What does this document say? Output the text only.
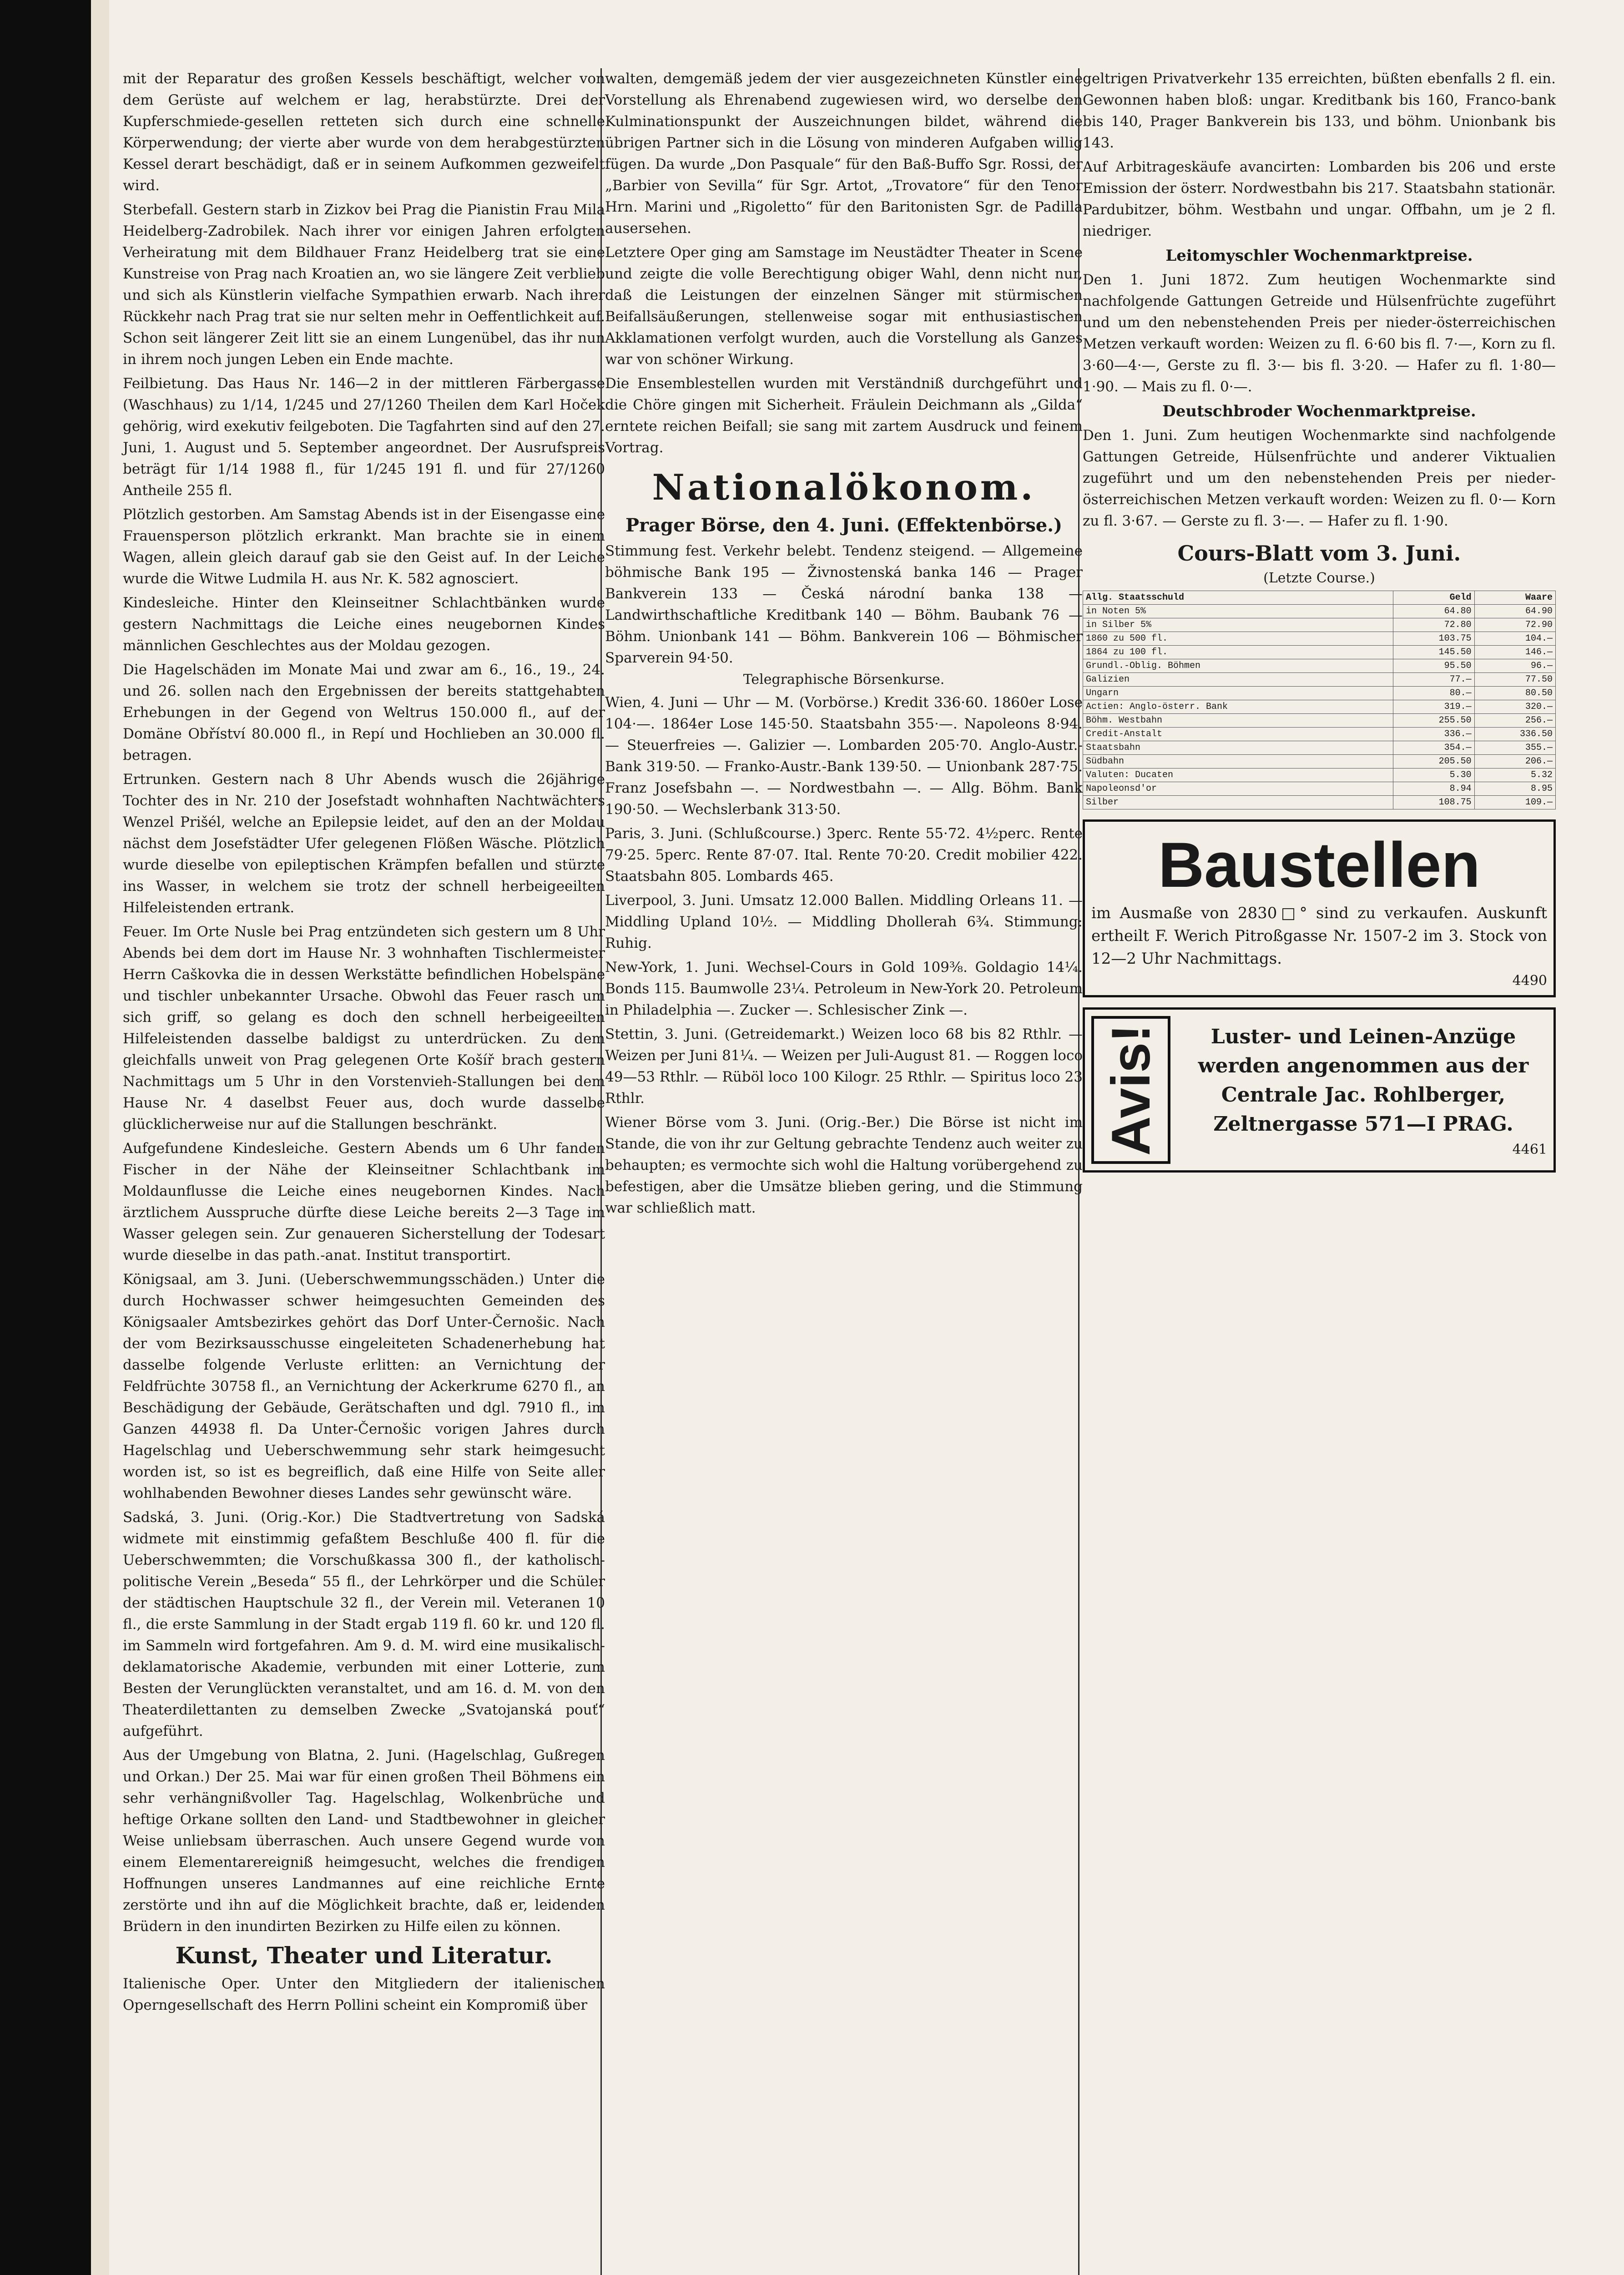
mit der Reparatur des großen Kessels beschäftigt, welcher von dem Gerüste auf welchem er lag, herabstürzte. Drei der Kupferschmiede-gesellen retteten sich durch eine schnelle Körperwendung; der vierte aber wurde von dem herabgestürzten Kessel derart beschädigt, daß er in seinem Aufkommen gezweifelt wird.

Sterbefall. Gestern starb in Zizkov bei Prag die Pianistin Frau Mila Heidelberg-Zadrobilek. Nach ihrer vor einigen Jahren erfolgten Verheiratung mit dem Bildhauer Franz Heidelberg trat sie eine Kunstreise von Prag nach Kroatien an, wo sie längere Zeit verblieb und sich als Künstlerin vielfache Sympathien erwarb. Nach ihrer Rückkehr nach Prag trat sie nur selten mehr in Oeffentlichkeit auf. Schon seit längerer Zeit litt sie an einem Lungenübel, das ihr nun in ihrem noch jungen Leben ein Ende machte.

Feilbietung. Das Haus Nr. 146—2 in der mittleren Färbergasse (Waschhaus) zu 1/14, 1/245 und 27/1260 Theilen dem Karl Hoček gehörig, wird exekutiv feilgeboten. Die Tagfahrten sind auf den 27. Juni, 1. August und 5. September angeordnet. Der Ausrufspreis beträgt für 1/14 1988 fl., für 1/245 191 fl. und für 27/1260 Antheile 255 fl.

Plötzlich gestorben. Am Samstag Abends ist in der Eisengasse eine Frauensperson plötzlich erkrankt. Man brachte sie in einem Wagen, allein gleich darauf gab sie den Geist auf. In der Leiche wurde die Witwe Ludmila H. aus Nr. K. 582 agnosciert.

Kindesleiche. Hinter den Kleinseitner Schlachtbänken wurde gestern Nachmittags die Leiche eines neugebornen Kindes männlichen Geschlechtes aus der Moldau gezogen.

Die Hagelschäden im Monate Mai und zwar am 6., 16., 19., 24. und 26. sollen nach den Ergebnissen der bereits stattgehabten Erhebungen in der Gegend von Weltrus 150.000 fl., auf der Domäne Obříství 80.000 fl., in Repí und Hochlieben an 30.000 fl. betragen.

Ertrunken. Gestern nach 8 Uhr Abends wusch die 26jährige Tochter des in Nr. 210 der Josefstadt wohnhaften Nachtwächters Wenzel Prišél, welche an Epilepsie leidet, auf den an der Moldau nächst dem Josefstädter Ufer gelegenen Flößen Wäsche. Plötzlich wurde dieselbe von epileptischen Krämpfen befallen und stürzte ins Wasser, in welchem sie trotz der schnell herbeigeeilten Hilfeleistenden ertrank.

Feuer. Im Orte Nusle bei Prag entzündeten sich gestern um 8 Uhr Abends bei dem dort im Hause Nr. 3 wohnhaften Tischlermeister Herrn Caškovka die in dessen Werkstätte befindlichen Hobelspäne und tischler unbekannter Ursache. Obwohl das Feuer rasch um sich griff, so gelang es doch den schnell herbeigeeilten Hilfeleistenden dasselbe baldigst zu unterdrücken. Zu dem gleichfalls unweit von Prag gelegenen Orte Košíř brach gestern Nachmittags um 5 Uhr in den Vorstenvieh-Stallungen bei dem Hause Nr. 4 daselbst Feuer aus, doch wurde dasselbe glücklicherweise nur auf die Stallungen beschränkt.

Aufgefundene Kindesleiche. Gestern Abends um 6 Uhr fanden Fischer in der Nähe der Kleinseitner Schlachtbank im Moldaunflusse die Leiche eines neugebornen Kindes. Nach ärztlichem Ausspruche dürfte diese Leiche bereits 2—3 Tage im Wasser gelegen sein. Zur genaueren Sicherstellung der Todesart wurde dieselbe in das path.-anat. Institut transportirt.

Königsaal, am 3. Juni. (Ueberschwemmungsschäden.) Unter die durch Hochwasser schwer heimgesuchten Gemeinden des Königsaaler Amtsbezirkes gehört das Dorf Unter-Černošic. Nach der vom Bezirksausschusse eingeleiteten Schadenerhebung hat dasselbe folgende Verluste erlitten: an Vernichtung der Feldfrüchte 30758 fl., an Vernichtung der Ackerkrume 6270 fl., an Beschädigung der Gebäude, Gerätschaften und dgl. 7910 fl., im Ganzen 44938 fl. Da Unter-Černošic vorigen Jahres durch Hagelschlag und Ueberschwemmung sehr stark heimgesucht worden ist, so ist es begreiflich, daß eine Hilfe von Seite aller wohlhabenden Bewohner dieses Landes sehr gewünscht wäre.

Sadská, 3. Juni. (Orig.-Kor.) Die Stadtvertretung von Sadská widmete mit einstimmig gefaßtem Beschluße 400 fl. für die Ueberschwemmten; die Vorschußkassa 300 fl., der katholisch-politische Verein „Beseda“ 55 fl., der Lehrkörper und die Schüler der städtischen Hauptschule 32 fl., der Verein mil. Veteranen 10 fl., die erste Sammlung in der Stadt ergab 119 fl. 60 kr. und 120 fl. im Sammeln wird fortgefahren. Am 9. d. M. wird eine musikalisch-deklamatorische Akademie, verbunden mit einer Lotterie, zum Besten der Verunglückten veranstaltet, und am 16. d. M. von den Theaterdilettanten zu demselben Zwecke „Svatojanská pouť“ aufgeführt.

Aus der Umgebung von Blatna, 2. Juni. (Hagelschlag, Gußregen und Orkan.) Der 25. Mai war für einen großen Theil Böhmens ein sehr verhängnißvoller Tag. Hagelschlag, Wolkenbrüche und heftige Orkane sollten den Land- und Stadtbewohner in gleicher Weise unliebsam überraschen. Auch unsere Gegend wurde von einem Elementarereigniß heimgesucht, welches die frendigen Hoffnungen unseres Landmannes auf eine reichliche Ernte zerstörte und ihn auf die Möglichkeit brachte, daß er, leidenden Brüdern in den inundirten Bezirken zu Hilfe eilen zu können.

Kunst, Theater und Literatur.

Italienische Oper. Unter den Mitgliedern der italienischen Operngesellschaft des Herrn Pollini scheint ein Kompromiß über

walten, demgemäß jedem der vier ausgezeichneten Künstler eine Vorstellung als Ehrenabend zugewiesen wird, wo derselbe den Kulminationspunkt der Auszeichnungen bildet, während die übrigen Partner sich in die Lösung von minderen Aufgaben willig fügen. Da wurde „Don Pasquale“ für den Baß-Buffo Sgr. Rossi, der „Barbier von Sevilla“ für Sgr. Artot, „Trovatore“ für den Tenor Hrn. Marini und „Rigoletto“ für den Baritonisten Sgr. de Padilla ausersehen.

Letztere Oper ging am Samstage im Neustädter Theater in Scene und zeigte die volle Berechtigung obiger Wahl, denn nicht nur, daß die Leistungen der einzelnen Sänger mit stürmischen Beifallsäußerungen, stellenweise sogar mit enthusiastischen Akklamationen verfolgt wurden, auch die Vorstellung als Ganzes war von schöner Wirkung.

Die Ensemblestellen wurden mit Verständniß durchgeführt und die Chöre gingen mit Sicherheit. Fräulein Deichmann als „Gilda“ erntete reichen Beifall; sie sang mit zartem Ausdruck und feinem Vortrag.

Nationalökonom.
Prager Börse, den 4. Juni. (Effektenbörse.)

Stimmung fest. Verkehr belebt. Tendenz steigend. — Allgemeine böhmische Bank 195 — Živnostenská banka 146 — Prager Bankverein 133 — Česká národní banka 138 — Landwirthschaftliche Kreditbank 140 — Böhm. Baubank 76 — Böhm. Unionbank 141 — Böhm. Bankverein 106 — Böhmischer Sparverein 94·50.

Telegraphische Börsenkurse.

Wien, 4. Juni — Uhr — M. (Vorbörse.) Kredit 336·60. 1860er Lose 104·—. 1864er Lose 145·50. Staatsbahn 355·—. Napoleons 8·94. — Steuerfreies —. Galizier —. Lombarden 205·70. Anglo-Austr.-Bank 319·50. — Franko-Austr.-Bank 139·50. — Unionbank 287·75. Franz Josefsbahn —. — Nordwestbahn —. — Allg. Böhm. Bank 190·50. — Wechslerbank 313·50.

Paris, 3. Juni. (Schlußcourse.) 3perc. Rente 55·72. 4½perc. Rente 79·25. 5perc. Rente 87·07. Ital. Rente 70·20. Credit mobilier 422. Staatsbahn 805. Lombards 465.

Liverpool, 3. Juni. Umsatz 12.000 Ballen. Middling Orleans 11. — Middling Upland 10½. — Middling Dhollerah 6¾. Stimmung: Ruhig.

New-York, 1. Juni. Wechsel-Cours in Gold 109⅜. Goldagio 14¼. Bonds 115. Baumwolle 23¼. Petroleum in New-York 20. Petroleum in Philadelphia —. Zucker —. Schlesischer Zink —.

Stettin, 3. Juni. (Getreidemarkt.) Weizen loco 68 bis 82 Rthlr. — Weizen per Juni 81¼. — Weizen per Juli-August 81. — Roggen loco 49—53 Rthlr. — Rüböl loco 100 Kilogr. 25 Rthlr. — Spiritus loco 23 Rthlr.

Wiener Börse vom 3. Juni. (Orig.-Ber.) Die Börse ist nicht im Stande, die von ihr zur Geltung gebrachte Tendenz auch weiter zu behaupten; es vermochte sich wohl die Haltung vorübergehend zu befestigen, aber die Umsätze blieben gering, und die Stimmung war schließlich matt.

geltrigen Privatverkehr 135 erreichten, büßten ebenfalls 2 fl. ein. Gewonnen haben bloß: ungar. Kreditbank bis 160, Franco-bank bis 140, Prager Bankverein bis 133, und böhm. Unionbank bis 143.

Auf Arbitrageskäufe avancirten: Lombarden bis 206 und erste Emission der österr. Nordwestbahn bis 217. Staatsbahn stationär. Pardubitzer, böhm. Westbahn und ungar. Offbahn, um je 2 fl. niedriger.

Leitomyschler Wochenmarktpreise.

Den 1. Juni 1872. Zum heutigen Wochenmarkte sind nachfolgende Gattungen Getreide und Hülsenfrüchte zugeführt und um den nebenstehenden Preis per nieder-österreichischen Metzen verkauft worden: Weizen zu fl. 6·60 bis fl. 7·—, Korn zu fl. 3·60—4·—, Gerste zu fl. 3·— bis fl. 3·20. — Hafer zu fl. 1·80—1·90. — Mais zu fl. 0·—.

Deutschbroder Wochenmarktpreise.

Den 1. Juni. Zum heutigen Wochenmarkte sind nachfolgende Gattungen Getreide, Hülsenfrüchte und anderer Viktualien zugeführt und um den nebenstehenden Preis per nieder-österreichischen Metzen verkauft worden: Weizen zu fl. 0·— Korn zu fl. 3·67. — Gerste zu fl. 3·—. — Hafer zu fl. 1·90.

Cours-Blatt vom 3. Juni.
(Letzte Course.)
Allg. Staatsschuld	Geld	Waare
in Noten 5%	64.80	64.90
in Silber 5%	72.80	72.90
1860 zu 500 fl.	103.75	104.—
1864 zu 100 fl.	145.50	146.—
Grundl.-Oblig. Böhmen	95.50	96.—
Galizien	77.—	77.50
Ungarn	80.—	80.50
Actien: Anglo-österr. Bank	319.—	320.—
Böhm. Westbahn	255.50	256.—
Credit-Anstalt	336.—	336.50
Staatsbahn	354.—	355.—
Südbahn	205.50	206.—
Valuten: Ducaten	5.30	5.32
Napoleonsd'or	8.94	8.95
Silber	108.75	109.—
Baustellen

im Ausmaße von 2830□° sind zu verkaufen. Auskunft ertheilt F. Werich Pitroßgasse Nr. 1507-2 im 3. Stock von 12—2 Uhr Nachmittags.

4490
Avis!	Luster- und Leinen-Anzüge werden angenommen aus der Centrale Jac. Rohlberger, Zeltnergasse 571—I PRAG.

4461
